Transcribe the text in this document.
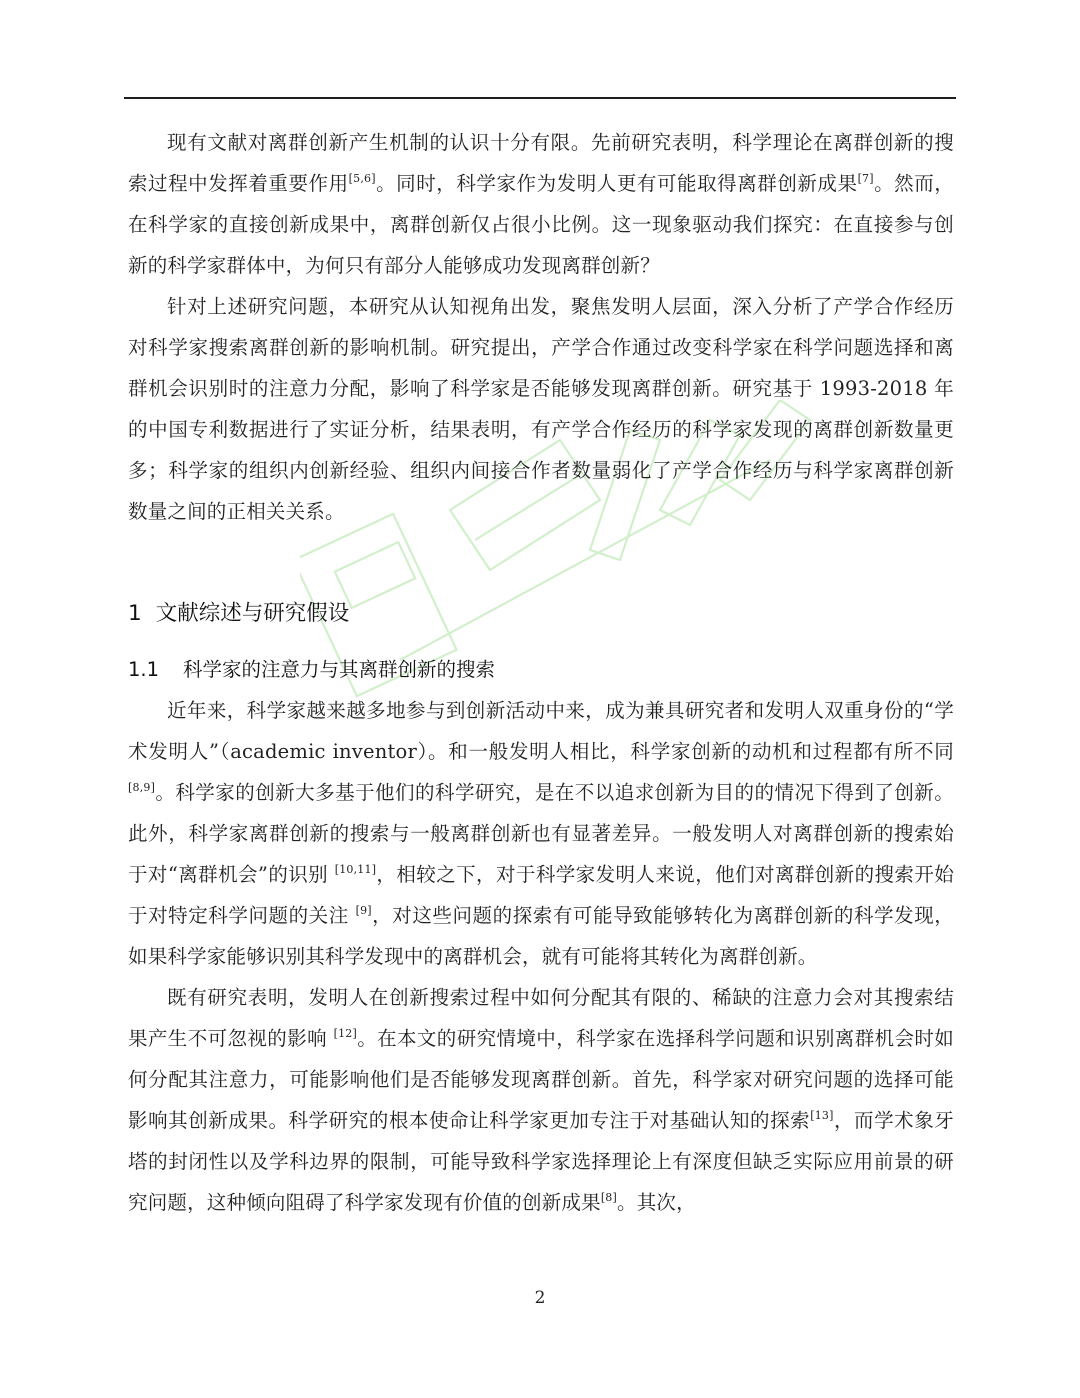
现有文献对离群创新产生机制的认识十分有限。先前研究表明，科学理论在离群创新的搜索过程中发挥着重要作用[5,6]。同时，科学家作为发明人更有可能取得离群创新成果[7]。然而，在科学家的直接创新成果中，离群创新仅占很小比例。这一现象驱动我们探究：在直接参与创新的科学家群体中，为何只有部分人能够成功发现离群创新？

针对上述研究问题，本研究从认知视角出发，聚焦发明人层面，深入分析了产学合作经历对科学家搜索离群创新的影响机制。研究提出，产学合作通过改变科学家在科学问题选择和离群机会识别时的注意力分配，影响了科学家是否能够发现离群创新。研究基于 1993-2018 年的中国专利数据进行了实证分析，结果表明，有产学合作经历的科学家发现的离群创新数量更多；科学家的组织内创新经验、组织内间接合作者数量弱化了产学合作经历与科学家离群创新数量之间的正相关关系。

1 文献综述与研究假设
1.1 科学家的注意力与其离群创新的搜索

近年来，科学家越来越多地参与到创新活动中来，成为兼具研究者和发明人双重身份的“学术发明人”（academic inventor）。和一般发明人相比，科学家创新的动机和过程都有所不同 [8,9]。科学家的创新大多基于他们的科学研究，是在不以追求创新为目的的情况下得到了创新。此外，科学家离群创新的搜索与一般离群创新也有显著差异。一般发明人对离群创新的搜索始于对“离群机会”的识别 [10,11]，相较之下，对于科学家发明人来说，他们对离群创新的搜索开始于对特定科学问题的关注 [9]，对这些问题的探索有可能导致能够转化为离群创新的科学发现，如果科学家能够识别其科学发现中的离群机会，就有可能将其转化为离群创新。

既有研究表明，发明人在创新搜索过程中如何分配其有限的、稀缺的注意力会对其搜索结果产生不可忽视的影响 [12]。在本文的研究情境中，科学家在选择科学问题和识别离群机会时如何分配其注意力，可能影响他们是否能够发现离群创新。首先，科学家对研究问题的选择可能影响其创新成果。科学研究的根本使命让科学家更加专注于对基础认知的探索[13]，而学术象牙塔的封闭性以及学科边界的限制，可能导致科学家选择理论上有深度但缺乏实际应用前景的研究问题，这种倾向阻碍了科学家发现有价值的创新成果[8]。其次，

2
